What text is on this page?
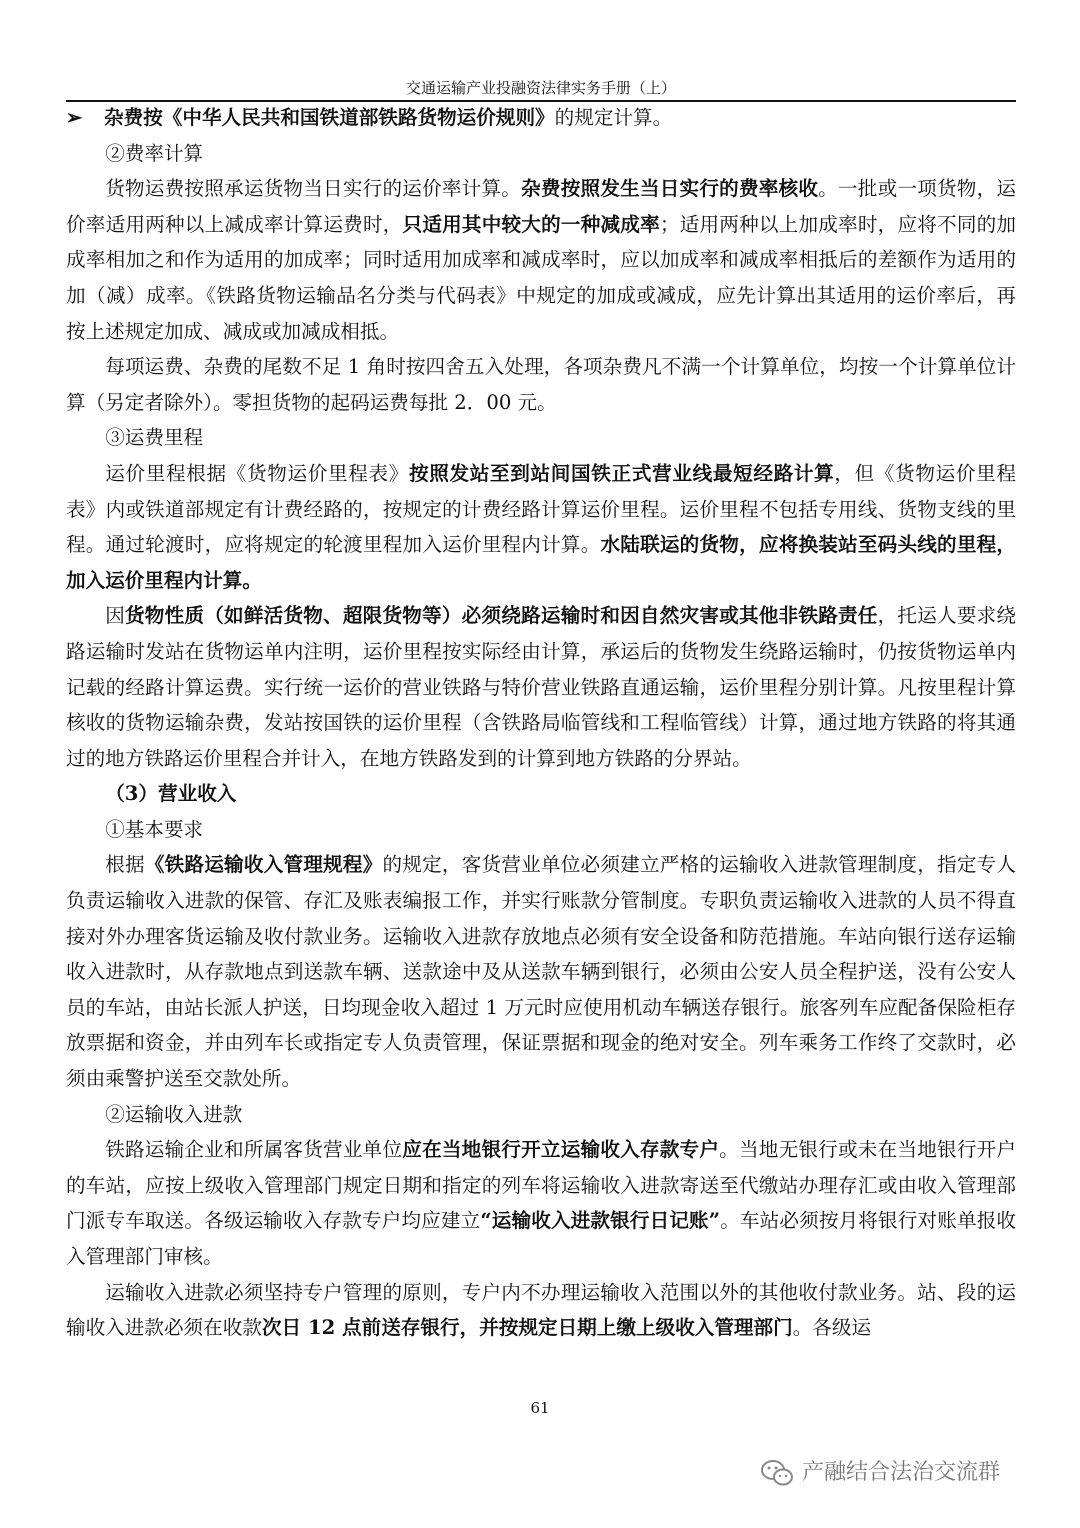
交通运输产业投融资法律实务手册（上）

➢	杂费按《中华人民共和国铁道部铁路货物运价规则》的规定计算。

②费率计算

货物运费按照承运货物当日实行的运价率计算。杂费按照发生当日实行的费率核收。一批或一项货物，运价率适用两种以上减成率计算运费时，只适用其中较大的一种减成率；适用两种以上加成率时，应将不同的加成率相加之和作为适用的加成率；同时适用加成率和减成率时，应以加成率和减成率相抵后的差额作为适用的加（减）成率。《铁路货物运输品名分类与代码表》中规定的加成或减成，应先计算出其适用的运价率后，再按上述规定加成、减成或加减成相抵。

每项运费、杂费的尾数不足 1 角时按四舍五入处理，各项杂费凡不满一个计算单位，均按一个计算单位计算（另定者除外）。零担货物的起码运费每批 2．00 元。

③运费里程

运价里程根据《货物运价里程表》按照发站至到站间国铁正式营业线最短经路计算，但《货物运价里程表》内或铁道部规定有计费经路的，按规定的计费经路计算运价里程。运价里程不包括专用线、货物支线的里程。通过轮渡时，应将规定的轮渡里程加入运价里程内计算。水陆联运的货物，应将换装站至码头线的里程，加入运价里程内计算。

因货物性质（如鲜活货物、超限货物等）必须绕路运输时和因自然灾害或其他非铁路责任，托运人要求绕路运输时发站在货物运单内注明，运价里程按实际经由计算，承运后的货物发生绕路运输时，仍按货物运单内记载的经路计算运费。实行统一运价的营业铁路与特价营业铁路直通运输，运价里程分别计算。凡按里程计算核收的货物运输杂费，发站按国铁的运价里程（含铁路局临管线和工程临管线）计算，通过地方铁路的将其通过的地方铁路运价里程合并计入，在地方铁路发到的计算到地方铁路的分界站。

（3）营业收入

①基本要求

根据《铁路运输收入管理规程》的规定，客货营业单位必须建立严格的运输收入进款管理制度，指定专人负责运输收入进款的保管、存汇及账表编报工作，并实行账款分管制度。专职负责运输收入进款的人员不得直接对外办理客货运输及收付款业务。运输收入进款存放地点必须有安全设备和防范措施。车站向银行送存运输收入进款时，从存款地点到送款车辆、送款途中及从送款车辆到银行，必须由公安人员全程护送，没有公安人员的车站，由站长派人护送，日均现金收入超过 1 万元时应使用机动车辆送存银行。旅客列车应配备保险柜存放票据和资金，并由列车长或指定专人负责管理，保证票据和现金的绝对安全。列车乘务工作终了交款时，必须由乘警护送至交款处所。

②运输收入进款

铁路运输企业和所属客货营业单位应在当地银行开立运输收入存款专户。当地无银行或未在当地银行开户的车站，应按上级收入管理部门规定日期和指定的列车将运输收入进款寄送至代缴站办理存汇或由收入管理部门派专车取送。各级运输收入存款专户均应建立“运输收入进款银行日记账”。车站必须按月将银行对账单报收入管理部门审核。

运输收入进款必须坚持专户管理的原则，专户内不办理运输收入范围以外的其他收付款业务。站、段的运输收入进款必须在收款次日 12 点前送存银行，并按规定日期上缴上级收入管理部门。各级运

61
产融结合法治交流群
